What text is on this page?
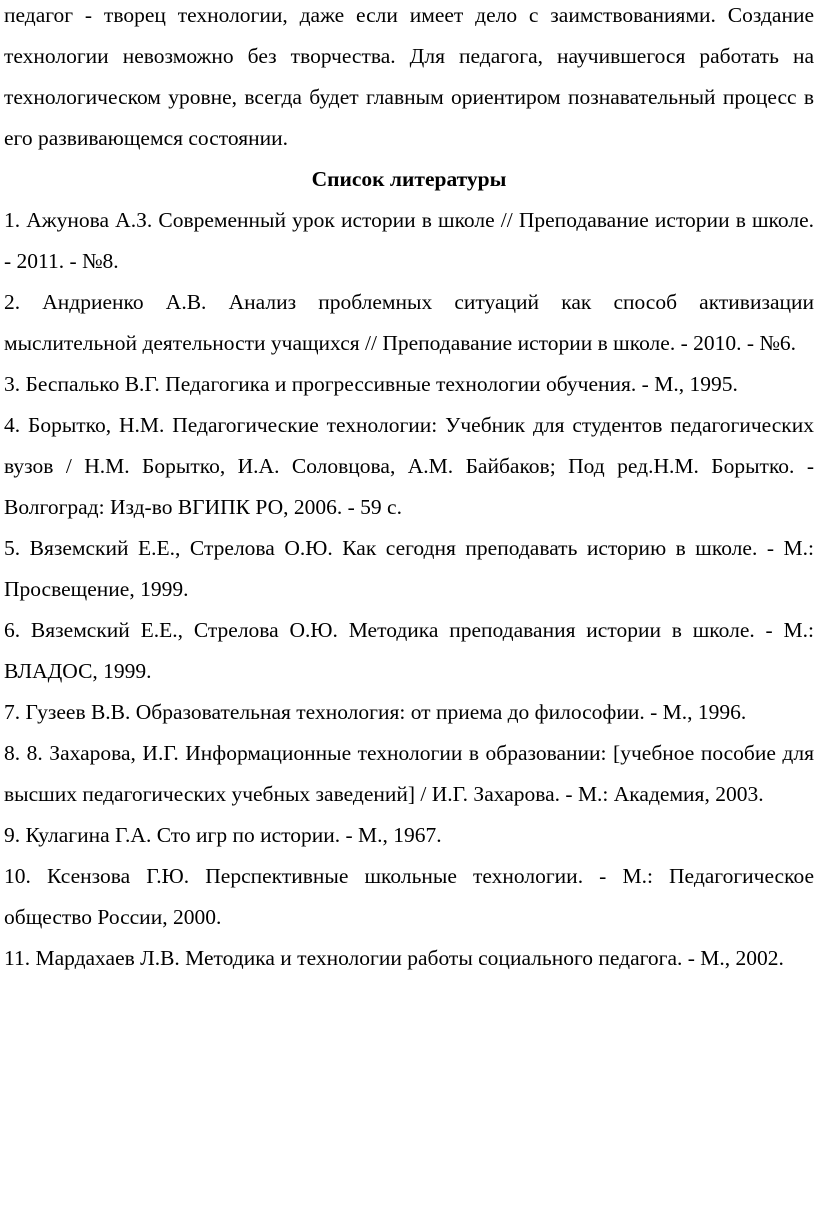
педагог - творец технологии, даже если имеет дело с заимствованиями. Создание технологии невозможно без творчества. Для педагога, научившегося работать на технологическом уровне, всегда будет главным ориентиром познавательный процесс в его развивающемся состоянии.

Список литературы
1. Ажунова А.З. Современный урок истории в школе // Преподавание истории в школе. - 2011. - №8.
2. Андриенко А.В. Анализ проблемных ситуаций как способ активизации мыслительной деятельности учащихся // Преподавание истории в школе. - 2010. - №6.
3. Беспалько В.Г. Педагогика и прогрессивные технологии обучения. - М., 1995.
4. Борытко, Н.М. Педагогические технологии: Учебник для студентов педагогических вузов / Н.М. Борытко, И.А. Соловцова, А.М. Байбаков; Под ред.Н.М. Борытко. - Волгоград: Изд-во ВГИПК РО, 2006. - 59 с.
5. Вяземский Е.Е., Стрелова О.Ю. Как сегодня преподавать историю в школе. - М.: Просвещение, 1999.
6. Вяземский Е.Е., Стрелова О.Ю. Методика преподавания истории в школе. - М.: ВЛАДОС, 1999.
7. Гузеев В.В. Образовательная технология: от приема до философии. - М., 1996.
8. 8. Захарова, И.Г. Информационные технологии в образовании: [учебное пособие для высших педагогических учебных заведений] / И.Г. Захарова. - М.: Академия, 2003.
9. Кулагина Г.А. Сто игр по истории. - М., 1967.
10. Ксензова Г.Ю. Перспективные школьные технологии. - М.: Педагогическое общество России, 2000.
11. Мардахаев Л.В. Методика и технологии работы социального педагога. - М., 2002.
